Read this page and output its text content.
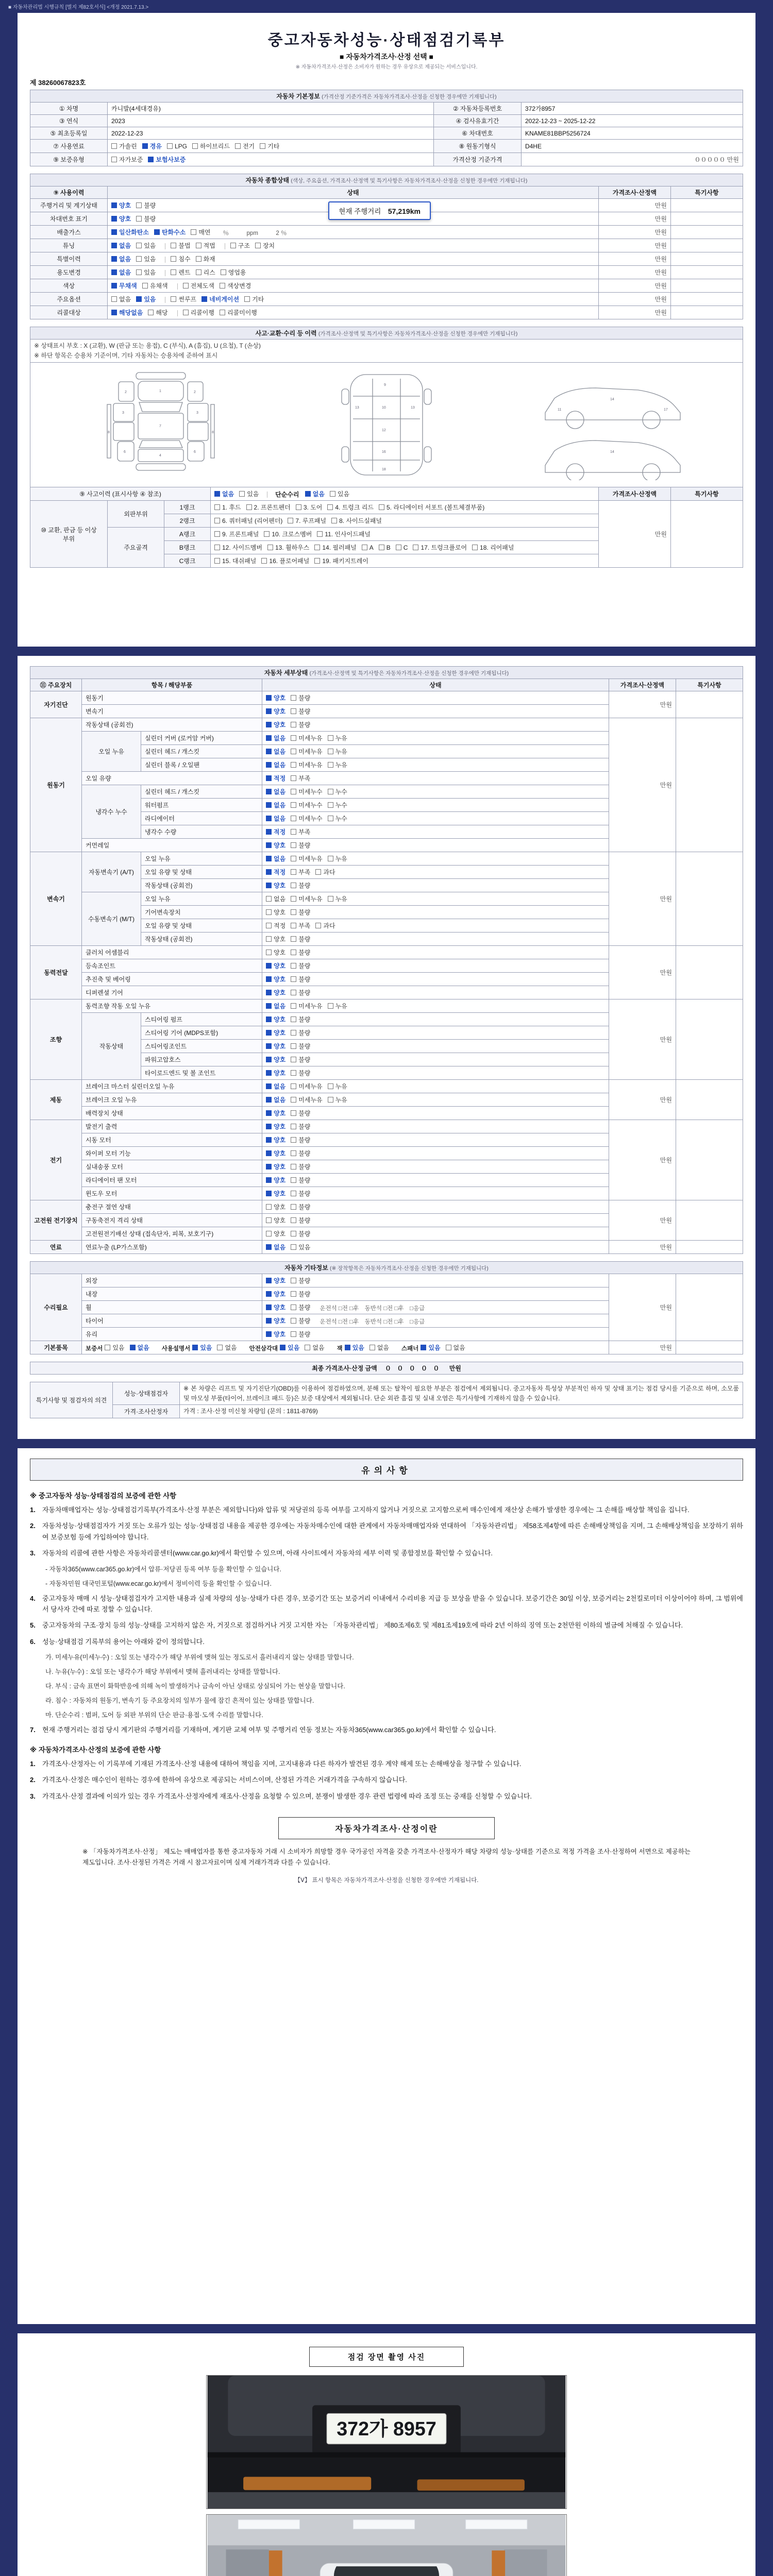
■ 자동차관리법 시행규칙 [별지 제82호서식] <개정 2021.7.13.>
중고자동차성능·상태점검기록부
■ 자동차가격조사·산정 선택 ■
※ 자동차가격조사·산정은 소비자가 원하는 경우 유상으로 제공되는 서비스입니다.
제 38260067823호
자동차 기본정보 (가격산정 기준가격은 자동차가격조사·산정을 신청한 경우에만 기재됩니다)			
① 차명	카니발(4세대경유)	② 자동차등록번호	372가8957
③ 연식	2023	④ 검사유효기간	2022-12-23 ~ 2025-12-22
⑤ 최초등록일	2022-12-23	⑥ 차대번호	KNAME81BBP5256724
⑦ 사용연료	가솔린 경유 LPG 하이브리드 전기 기타	⑧ 원동기형식	D4HE
⑨ 보증유형	자가보증 보험사보증	가격산정 기준가격	０００００ 만원
자동차 종합상태 (색상, 주요옵션, 가격조사·산정액 및 특기사항은 자동차가격조사·산정을 신청한 경우에만 기재됩니다)			
⑨ 사용이력	상태	가격조사·산정액	특기사항
주행거리 및 계기상태	양호 불량
현재 주행거리　57,219km	만원	
차대번호 표기	양호 불량	만원	
배출가스	일산화탄소 탄화수소 매연 ％　　　ppm　　　2 ％	만원	
튜닝	없음 있음	불법 적법	구조 장치	만원	
특별이력	없음 있음 침수 화재	만원	
용도변경	없음 있음 렌트 리스 영업용	만원	
색상	무채색 유채색 전체도색 색상변경	만원	
주요옵션	없음 있음 썬루프 네비게이션 기타	만원	
리콜대상	해당없음 해당 리콜이행 리콜미이행	만원	
사고·교환·수리 등 이력 (가격조사·산정액 및 특기사항은 자동차가격조사·산정을 신청한 경우에만 기재됩니다)					

※ 상태표시 부호 : X (교환), W (판금 또는 용접), C (부식), A (흠집), U (요철), T (손상)
※ 하단 항목은 승용차 기준이며, 기타 자동차는 승용차에 준하여 표시					

1
7
4
2	2
3	3
6	6
8	8
9
10
12
16
18
13	13
14
14
11	17

⑨ 사고이력 (표시사항 ④ 참조)			없음 있음 단순수리 없음 있음	가격조사·산정액	특기사항
⑩ 교환, 판금 등 이상 부위	외판부위	1랭크	1. 후드 2. 프론트펜더 3. 도어 4. 트렁크 리드 5. 라디에이터 서포트 (볼트체결부품)	만원	
		2랭크	6. 쿼터패널 (리어펜더) 7. 루프패널 8. 사이드실패널		

	주요골격	A랭크	9. 프론트패널 10. 크로스멤버 11. 인사이드패널		

B랭크	12. 사이드멤버 13. 휠하우스 14. 필러패널 A B C 17. 트렁크플로어 18. 리어패널

		C랭크	15. 대쉬패널 16. 플로어패널 19. 패키지트레이		
자동차 세부상태 (가격조사·산정액 및 특기사항은 자동차가격조사·산정을 신청한 경우에만 기재됩니다)					
⑪ 주요장치	항목 / 해당부품		상태	가격조사·산정액	특기사항
자기진단	원동기		양호 불량	만원	
	변속기		양호 불량		

원동기	작동상태 (공회전)		양호 불량	만원	
	오일 누유	실린더 커버 (로커암 커버)	없음 미세누유 누유		

		실린더 헤드 / 개스킷	없음 미세누유 누유		

		실린더 블록 / 오일팬	없음 미세누유 누유		

	오일 유량		적정 부족		

	냉각수 누수	실린더 헤드 / 개스킷	없음 미세누수 누수		

		워터펌프	없음 미세누수 누수		

		라디에이터	없음 미세누수 누수		

		냉각수 수량	적정 부족		

	커먼레일		양호 불량		

변속기	자동변속기 (A/T)	오일 누유	없음 미세누유 누유	만원	
		오일 유량 및 상태	적정 부족 과다		

		작동상태 (공회전)	양호 불량		

	수동변속기 (M/T)	오일 누유	없음 미세누유 누유		

		기어변속장치	양호 불량		

		오일 유량 및 상태	적정 부족 과다		

		작동상태 (공회전)	양호 불량		

동력전달	클러치 어셈블리		양호 불량	만원	
	등속조인트		양호 불량		

	추진축 및 베어링		양호 불량		

	디퍼렌셜 기어		양호 불량		

조향	동력조향 작동 오일 누유		없음 미세누유 누유	만원	
	작동상태	스티어링 펌프	양호 불량		

		스티어링 기어 (MDPS포함)	양호 불량		

		스티어링조인트	양호 불량		

		파워고압호스	양호 불량		

		타이로드엔드 및 볼 조인트	양호 불량		

제동	브레이크 마스터 실린더오일 누유		없음 미세누유 누유	만원	
	브레이크 오일 누유		없음 미세누유 누유		

	배력장치 상태		양호 불량		

전기	발전기 출력		양호 불량	만원	
	시동 모터		양호 불량		

	와이퍼 모터 기능		양호 불량		

	실내송풍 모터		양호 불량		

	라디에이터 팬 모터		양호 불량		

	윈도우 모터		양호 불량		

고전원 전기장치	충전구 절연 상태		양호 불량	만원	
	구동축전지 격리 상태		양호 불량		

	고전원전기배선 상태 (접속단자, 피복, 보호기구)		양호 불량		

연료	연료누출 (LP가스포함)		없음 있음	만원	
자동차 기타정보 (※ 장착항목은 자동차가격조사·산정을 신청한 경우에만 기재됩니다)				
수리필요	외장	양호 불량	만원	
	내장	양호 불량		

	휠	양호 불량 운전석 □전 □후　동반석 □전 □후　□응급		
	타이어	양호 불량 운전석 □전 □후　동반석 □전 □후　□응급		
	유리	양호 불량		

기본품목	보증서 있음 없음 사용설명서 있음 없음 안전삼각대 있음 없음 잭 있음 없음 스패너 있음 없음	만원	
최종 가격조사·산정 금액　 ０ ０ ０ ０ ０　 만원
특기사항 및 점검자의 의견	성능·상태점검자	※ 본 차량은 리프트 및 자기진단기(OBD)를 이용하여 점검하였으며, 분해 또는 탈착이 필요한 부분은 점검에서 제외됩니다. 중고자동차 특성상 부분적인 하자 및 상태 표기는 점검 당시를 기준으로 하며, 소모품 및 마모성 부품(타이어, 브레이크 패드 등)은 보증 대상에서 제외됩니다. 단순 외관 흠집 및 실내 오염은 특기사항에 기재하지 않을 수 있습니다.
	가격·조사산정자	가격 : 조사·산정 미신청 차량임 (문의 : 1811-8769)
유의사항
※ 중고자동차 성능·상태점검의 보증에 관한 사항
1.	자동차매매업자는 성능·상태점검기록부(가격조사·산정 부분은 제외합니다)와 압류 및 저당권의 등록 여부를 고지하지 않거나 거짓으로 고지함으로써 매수인에게 재산상 손해가 발생한 경우에는 그 손해를 배상할 책임을 집니다.
2.	자동차성능·상태점검자가 거짓 또는 오류가 있는 성능·상태점검 내용을 제공한 경우에는 자동차매수인에 대한 관계에서 자동차매매업자와 연대하여 「자동차관리법」 제58조제4항에 따른 손해배상책임을 지며, 그 손해배상책임을 보장하기 위하여 보증보험 등에 가입하여야 합니다.
3.	자동차의 리콜에 관한 사항은 자동차리콜센터(www.car.go.kr)에서 확인할 수 있으며, 아래 사이트에서 자동차의 세부 이력 및 종합정보를 확인할 수 있습니다.
- 자동차365(www.car365.go.kr)에서 압류·저당권 등록 여부 등을 확인할 수 있습니다.
- 자동차민원 대국민포털(www.ecar.go.kr)에서 정비이력 등을 확인할 수 있습니다.
4.	중고자동차 매매 시 성능·상태점검자가 고지한 내용과 실제 차량의 성능·상태가 다른 경우, 보증기간 또는 보증거리 이내에서 수리비용 지급 등 보상을 받을 수 있습니다. 보증기간은 30일 이상, 보증거리는 2천킬로미터 이상이어야 하며, 그 범위에서 당사자 간에 따로 정할 수 있습니다.
5.	중고자동차의 구조·장치 등의 성능·상태를 고지하지 않은 자, 거짓으로 점검하거나 거짓 고지한 자는 「자동차관리법」 제80조제6호 및 제81조제19호에 따라 2년 이하의 징역 또는 2천만원 이하의 벌금에 처해질 수 있습니다.
6.	성능·상태점검 기록부의 용어는 아래와 같이 정의합니다.
가. 미세누유(미세누수) : 오일 또는 냉각수가 해당 부위에 맺혀 있는 정도로서 흘러내리지 않는 상태를 말합니다.
나. 누유(누수) : 오일 또는 냉각수가 해당 부위에서 맺혀 흘러내리는 상태를 말합니다.
다. 부식 : 금속 표면이 화학반응에 의해 녹이 발생하거나 금속이 아닌 상태로 상실되어 가는 현상을 말합니다.
라. 침수 : 자동차의 원동기, 변속기 등 주요장치의 일부가 물에 잠긴 흔적이 있는 상태를 말합니다.
마. 단순수리 : 범퍼, 도어 등 외판 부위의 단순 판금·용접·도색 수리를 말합니다.
7.	현재 주행거리는 점검 당시 계기판의 주행거리를 기재하며, 계기판 교체 여부 및 주행거리 연동 정보는 자동차365(www.car365.go.kr)에서 확인할 수 있습니다.
※ 자동차가격조사·산정의 보증에 관한 사항
1.	가격조사·산정자는 이 기록부에 기재된 가격조사·산정 내용에 대하여 책임을 지며, 고지내용과 다른 하자가 발견된 경우 계약 해제 또는 손해배상을 청구할 수 있습니다.
2.	가격조사·산정은 매수인이 원하는 경우에 한하여 유상으로 제공되는 서비스이며, 산정된 가격은 거래가격을 구속하지 않습니다.
3.	가격조사·산정 결과에 이의가 있는 경우 가격조사·산정자에게 재조사·산정을 요청할 수 있으며, 분쟁이 발생한 경우 관련 법령에 따라 조정 또는 중재를 신청할 수 있습니다.
자동차가격조사·산정이란
※ 「자동차가격조사·산정」 제도는 매매업자를 통한 중고자동차 거래 시 소비자가 희망할 경우 국가공인 자격을 갖춘 가격조사·산정자가 해당 차량의 성능·상태를 기준으로 적정 가격을 조사·산정하여 서면으로 제공하는 제도입니다. 조사·산정된 가격은 거래 시 참고자료이며 실제 거래가격과 다를 수 있습니다.
【Ⅴ】 표시 항목은 자동차가격조사·산정을 신청한 경우에만 기재됩니다.
점검 장면 촬영 사진
372가 8957
